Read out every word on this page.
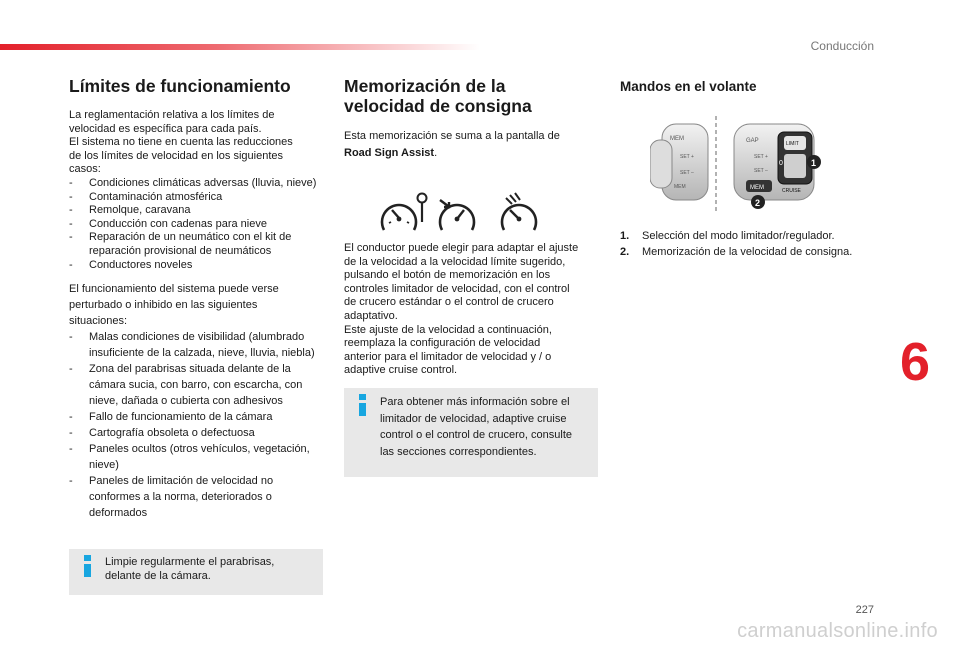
Conducción
6
227
carmanualsonline.info
Límites de funcionamiento

La reglamentación relativa a los límites de

velocidad es específica para cada país.

El sistema no tiene en cuenta las reducciones

de los límites de velocidad en los siguientes

casos:

- Condiciones climáticas adversas (lluvia, nieve)
- Contaminación atmosférica
- Remolque, caravana
- Conducción con cadenas para nieve
- Reparación de un neumático con el kit de reparación provisional de neumáticos
- Conductores noveles

El funcionamiento del sistema puede verse

perturbado o inhibido en las siguientes

situaciones:

- Malas condiciones de visibilidad (alumbrado insuficiente de la calzada, nieve, lluvia, niebla)
- Zona del parabrisas situada delante de la cámara sucia, con barro, con escarcha, con nieve, dañada o cubierta con adhesivos
- Fallo de funcionamiento de la cámara
- Cartografía obsoleta o defectuosa
- Paneles ocultos (otros vehículos, vegetación, nieve)
- Paneles de limitación de velocidad no conformes a la norma, deteriorados o deformados

Limpie regularmente el parabrisas,

delante de la cámara.

Memorización de la
velocidad de consigna

Esta memorización se suma a la pantalla de
Road Sign Assist.

El conductor puede elegir para adaptar el ajuste

de la velocidad a la velocidad límite sugerido,

pulsando el botón de memorización en los

controles limitador de velocidad, con el control

de crucero estándar o el control de crucero

adaptativo.

Este ajuste de la velocidad a continuación,

reemplaza la configuración de velocidad

anterior para el limitador de velocidad y / o

adaptive cruise control.

Para obtener más información sobre el

limitador de velocidad, adaptive cruise

control o el control de crucero, consulte

las secciones correspondientes.

Mandos en el volante
MEM
SET +
SET –
MEM
GAP
SET +
SET –
LIMIT
0
CRUISE
MEM
1
2
1.	Selección del modo limitador/regulador.
2.	Memorización de la velocidad de consigna.
